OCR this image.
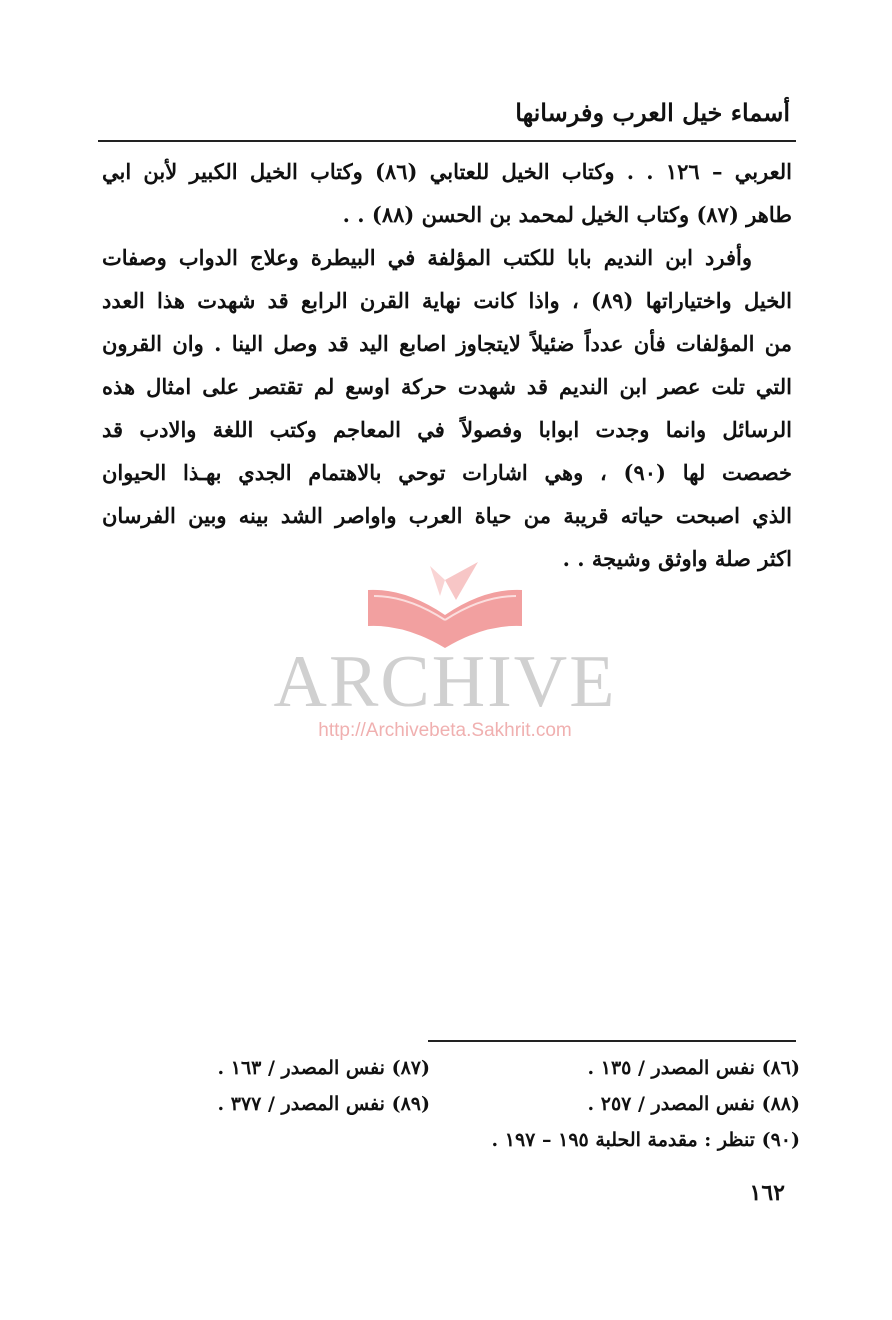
أسماء خيل العرب وفرسانها
العربي – ١٢٦ . . وكتاب الخيل للعتابي (٨٦) وكتاب الخيل الكبير لأبن ابي
طاهر (٨٧) وكتاب الخيل لمحمد بن الحسن (٨٨) . .
وأفرد ابن النديم بابا للكتب المؤلفة في البيطرة وعلاج الدواب وصفات
الخيل واختياراتها (٨٩) ، واذا كانت نهاية القرن الرابع قد شهدت هذا العدد
من المؤلفات فأن عدداً ضئيلاً لايتجاوز اصابع اليد قد وصل الينا . وان القرون
التي تلت عصر ابن النديم قد شهدت حركة اوسع لم تقتصر على امثال هذه
الرسائل وانما وجدت ابوابا وفصولاً في المعاجم وكتب اللغة والادب قد
خصصت لها (٩٠) ، وهي اشارات توحي بالاهتمام الجدي بهـذا الحيوان
الذي اصبحت حياته قريبة من حياة العرب واواصر الشد بينه وبين الفرسان
اكثر صلة واوثق وشيجة . .
ARCHIVE
http://Archivebeta.Sakhrit.com
(٨٦) نفس المصدر / ١٣٥ .
(٨٧) نفس المصدر / ١٦٣ .
(٨٨) نفس المصدر / ٢٥٧ .
(٨٩) نفس المصدر / ٣٧٧ .
(٩٠) تنظر : مقدمة الحلبة ١٩٥ – ١٩٧ .
١٦٢
